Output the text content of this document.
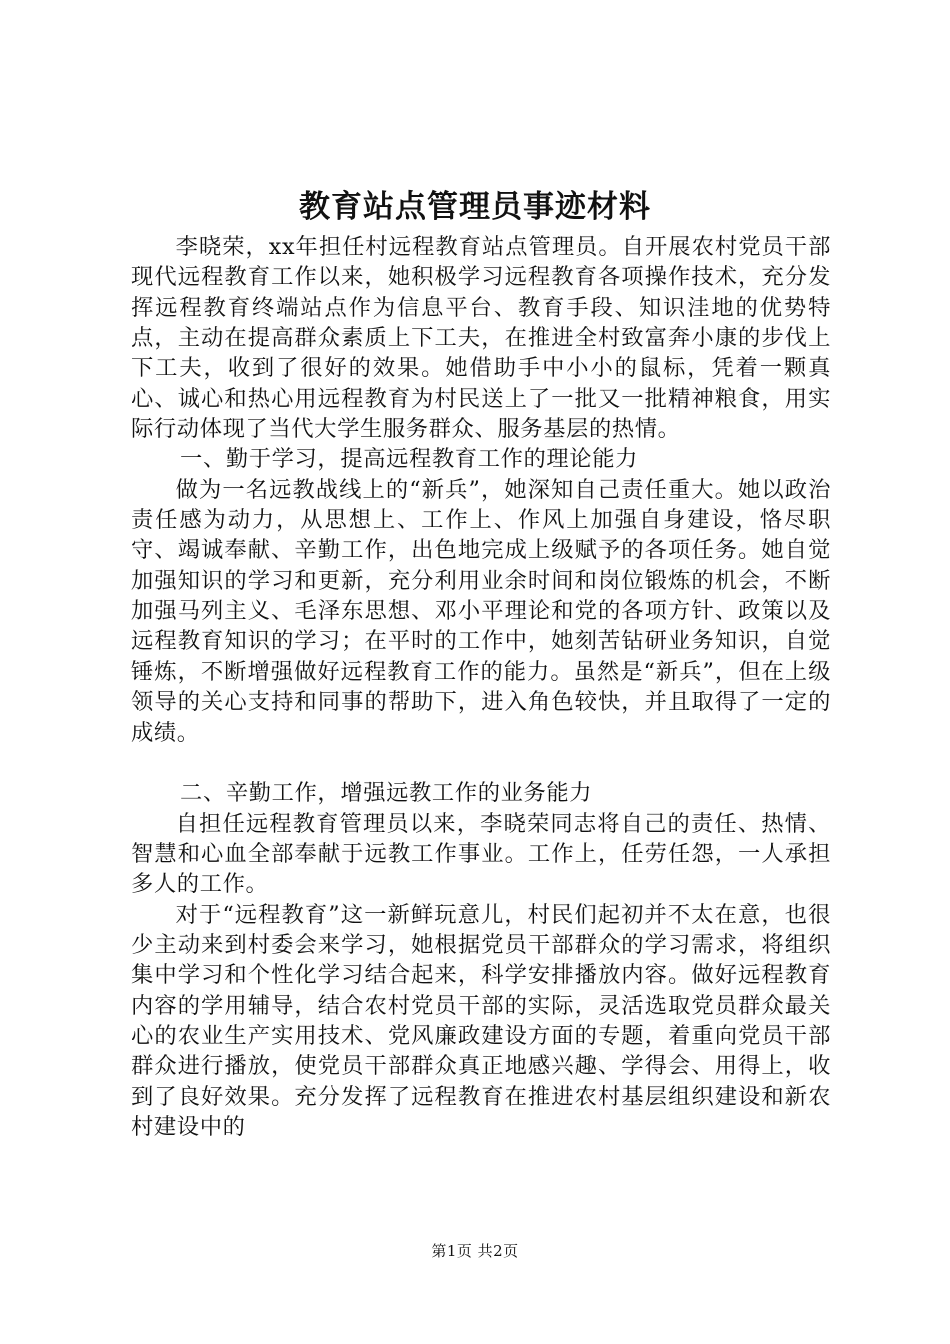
教育站点管理员事迹材料

李晓荣，xx年担任村远程教育站点管理员。自开展农村党员干部现代远程教育工作以来，她积极学习远程教育各项操作技术，充分发挥远程教育终端站点作为信息平台、教育手段、知识洼地的优势特点，主动在提高群众素质上下工夫，在推进全村致富奔小康的步伐上下工夫，收到了很好的效果。她借助手中小小的鼠标，凭着一颗真心、诚心和热心用远程教育为村民送上了一批又一批精神粮食，用实际行动体现了当代大学生服务群众、服务基层的热情。

一、勤于学习，提高远程教育工作的理论能力

做为一名远教战线上的“新兵”，她深知自己责任重大。她以政治责任感为动力，从思想上、工作上、作风上加强自身建设，恪尽职守、竭诚奉献、辛勤工作，出色地完成上级赋予的各项任务。她自觉加强知识的学习和更新，充分利用业余时间和岗位锻炼的机会，不断加强马列主义、毛泽东思想、邓小平理论和党的各项方针、政策以及远程教育知识的学习；在平时的工作中，她刻苦钻研业务知识，自觉锤炼，不断增强做好远程教育工作的能力。虽然是“新兵”，但在上级领导的关心支持和同事的帮助下，进入角色较快，并且取得了一定的成绩。

二、辛勤工作，增强远教工作的业务能力

自担任远程教育管理员以来，李晓荣同志将自己的责任、热情、智慧和心血全部奉献于远教工作事业。工作上，任劳任怨，一人承担多人的工作。

对于“远程教育”这一新鲜玩意儿，村民们起初并不太在意，也很少主动来到村委会来学习，她根据党员干部群众的学习需求，将组织集中学习和个性化学习结合起来，科学安排播放内容。做好远程教育内容的学用辅导，结合农村党员干部的实际，灵活选取党员群众最关心的农业生产实用技术、党风廉政建设方面的专题，着重向党员干部群众进行播放，使党员干部群众真正地感兴趣、学得会、用得上，收到了良好效果。充分发挥了远程教育在推进农村基层组织建设和新农村建设中的

第1页 共2页
